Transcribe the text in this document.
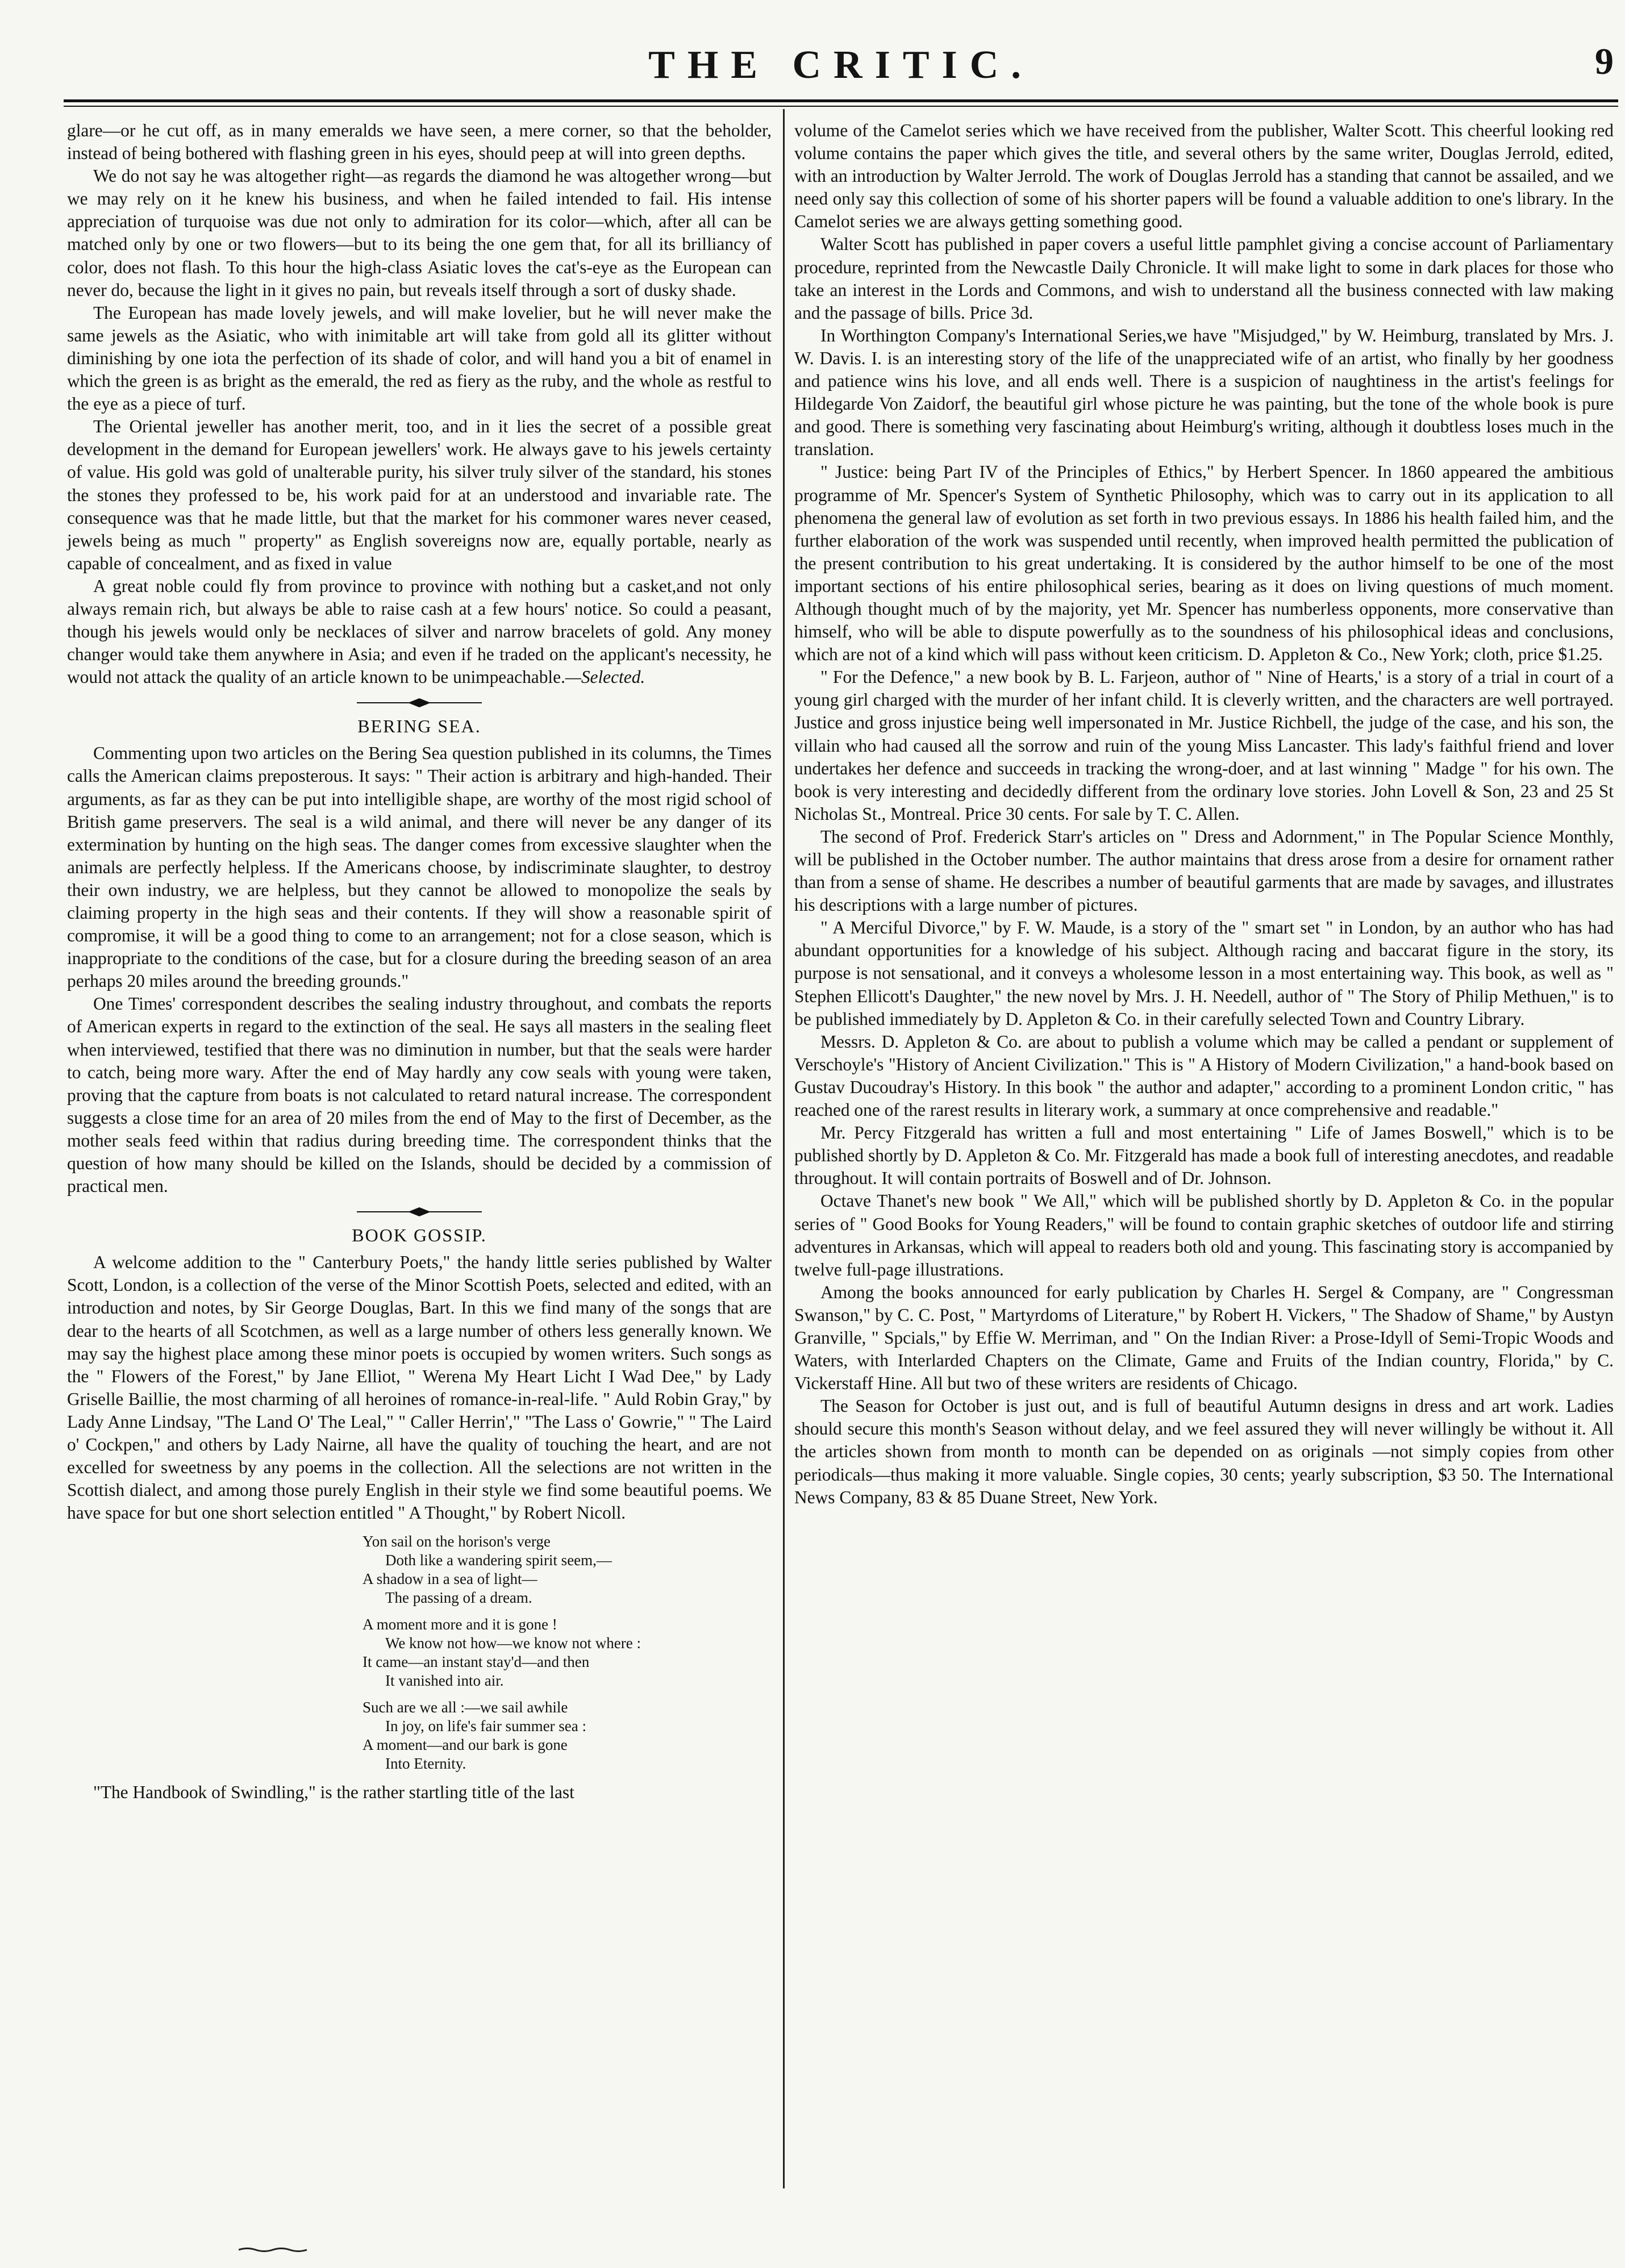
THE CRITIC.	9

glare—or he cut off, as in many emeralds we have seen, a mere corner, so that the beholder, instead of being bothered with flashing green in his eyes, should peep at will into green depths.

We do not say he was altogether right—as regards the diamond he was altogether wrong—but we may rely on it he knew his business, and when he failed intended to fail. His intense appreciation of turquoise was due not only to admiration for its color—which, after all can be matched only by one or two flowers—but to its being the one gem that, for all its brilliancy of color, does not flash. To this hour the high-class Asiatic loves the cat's-eye as the European can never do, because the light in it gives no pain, but reveals itself through a sort of dusky shade.

The European has made lovely jewels, and will make lovelier, but he will never make the same jewels as the Asiatic, who with inimitable art will take from gold all its glitter without diminishing by one iota the perfection of its shade of color, and will hand you a bit of enamel in which the green is as bright as the emerald, the red as fiery as the ruby, and the whole as restful to the eye as a piece of turf.

The Oriental jeweller has another merit, too, and in it lies the secret of a possible great development in the demand for European jewellers' work. He always gave to his jewels certainty of value. His gold was gold of unalterable purity, his silver truly silver of the standard, his stones the stones they professed to be, his work paid for at an understood and invariable rate. The consequence was that he made little, but that the market for his commoner wares never ceased, jewels being as much " property" as English sovereigns now are, equally portable, nearly as capable of concealment, and as fixed in value

A great noble could fly from province to province with nothing but a casket,and not only always remain rich, but always be able to raise cash at a few hours' notice. So could a peasant, though his jewels would only be necklaces of silver and narrow bracelets of gold. Any money changer would take them anywhere in Asia; and even if he traded on the applicant's necessity, he would not attack the quality of an article known to be unimpeachable.—Selected.

BERING SEA.

Commenting upon two articles on the Bering Sea question published in its columns, the Times calls the American claims preposterous. It says: " Their action is arbitrary and high-handed. Their arguments, as far as they can be put into intelligible shape, are worthy of the most rigid school of British game preservers. The seal is a wild animal, and there will never be any danger of its extermination by hunting on the high seas. The danger comes from excessive slaughter when the animals are perfectly helpless. If the Americans choose, by indiscriminate slaughter, to destroy their own industry, we are helpless, but they cannot be allowed to monopolize the seals by claiming property in the high seas and their contents. If they will show a reasonable spirit of compromise, it will be a good thing to come to an arrangement; not for a close season, which is inappropriate to the conditions of the case, but for a closure during the breeding season of an area perhaps 20 miles around the breeding grounds."

One Times' correspondent describes the sealing industry throughout, and combats the reports of American experts in regard to the extinction of the seal. He says all masters in the sealing fleet when interviewed, testified that there was no diminution in number, but that the seals were harder to catch, being more wary. After the end of May hardly any cow seals with young were taken, proving that the capture from boats is not calculated to retard natural increase. The correspondent suggests a close time for an area of 20 miles from the end of May to the first of December, as the mother seals feed within that radius during breeding time. The correspondent thinks that the question of how many should be killed on the Islands, should be decided by a commission of practical men.

BOOK GOSSIP.

A welcome addition to the " Canterbury Poets," the handy little series published by Walter Scott, London, is a collection of the verse of the Minor Scottish Poets, selected and edited, with an introduction and notes, by Sir George Douglas, Bart. In this we find many of the songs that are dear to the hearts of all Scotchmen, as well as a large number of others less generally known. We may say the highest place among these minor poets is occupied by women writers. Such songs as the " Flowers of the Forest," by Jane Elliot, " Werena My Heart Licht I Wad Dee," by Lady Griselle Baillie, the most charming of all heroines of romance-in-real-life. " Auld Robin Gray," by Lady Anne Lindsay, "The Land O' The Leal," " Caller Herrin'," "The Lass o' Gowrie," " The Laird o' Cockpen," and others by Lady Nairne, all have the quality of touching the heart, and are not excelled for sweetness by any poems in the collection. All the selections are not written in the Scottish dialect, and among those purely English in their style we find some beautiful poems. We have space for but one short selection entitled " A Thought," by Robert Nicoll.

Yon sail on the horison's verge
Doth like a wandering spirit seem,—
A shadow in a sea of light—
The passing of a dream.
A moment more and it is gone !
We know not how—we know not where :
It came—an instant stay'd—and then
It vanished into air.
Such are we all :—we sail awhile
In joy, on life's fair summer sea :
A moment—and our bark is gone
Into Eternity.

"The Handbook of Swindling," is the rather startling title of the last

volume of the Camelot series which we have received from the publisher, Walter Scott. This cheerful looking red volume contains the paper which gives the title, and several others by the same writer, Douglas Jerrold, edited, with an introduction by Walter Jerrold. The work of Douglas Jerrold has a standing that cannot be assailed, and we need only say this collection of some of his shorter papers will be found a valuable addition to one's library. In the Camelot series we are always getting something good.

Walter Scott has published in paper covers a useful little pamphlet giving a concise account of Parliamentary procedure, reprinted from the Newcastle Daily Chronicle. It will make light to some in dark places for those who take an interest in the Lords and Commons, and wish to understand all the business connected with law making and the passage of bills. Price 3d.

In Worthington Company's International Series,we have "Misjudged," by W. Heimburg, translated by Mrs. J. W. Davis. I. is an interesting story of the life of the unappreciated wife of an artist, who finally by her goodness and patience wins his love, and all ends well. There is a suspicion of naughtiness in the artist's feelings for Hildegarde Von Zaidorf, the beautiful girl whose picture he was painting, but the tone of the whole book is pure and good. There is something very fascinating about Heimburg's writing, although it doubtless loses much in the translation.

" Justice: being Part IV of the Principles of Ethics," by Herbert Spencer. In 1860 appeared the ambitious programme of Mr. Spencer's System of Synthetic Philosophy, which was to carry out in its application to all phenomena the general law of evolution as set forth in two previous essays. In 1886 his health failed him, and the further elaboration of the work was suspended until recently, when improved health permitted the publication of the present contribution to his great undertaking. It is considered by the author himself to be one of the most important sections of his entire philosophical series, bearing as it does on living questions of much moment. Although thought much of by the majority, yet Mr. Spencer has numberless opponents, more conservative than himself, who will be able to dispute powerfully as to the soundness of his philosophical ideas and conclusions, which are not of a kind which will pass without keen criticism. D. Appleton & Co., New York; cloth, price $1.25.

" For the Defence," a new book by B. L. Farjeon, author of " Nine of Hearts,' is a story of a trial in court of a young girl charged with the murder of her infant child. It is cleverly written, and the characters are well portrayed. Justice and gross injustice being well impersonated in Mr. Justice Richbell, the judge of the case, and his son, the villain who had caused all the sorrow and ruin of the young Miss Lancaster. This lady's faithful friend and lover undertakes her defence and succeeds in tracking the wrong-doer, and at last winning " Madge " for his own. The book is very interesting and decidedly different from the ordinary love stories. John Lovell & Son, 23 and 25 St Nicholas St., Montreal. Price 30 cents. For sale by T. C. Allen.

The second of Prof. Frederick Starr's articles on " Dress and Adornment," in The Popular Science Monthly, will be published in the October number. The author maintains that dress arose from a desire for ornament rather than from a sense of shame. He describes a number of beautiful garments that are made by savages, and illustrates his descriptions with a large number of pictures.

" A Merciful Divorce," by F. W. Maude, is a story of the " smart set " in London, by an author who has had abundant opportunities for a knowledge of his subject. Although racing and baccarat figure in the story, its purpose is not sensational, and it conveys a wholesome lesson in a most entertaining way. This book, as well as " Stephen Ellicott's Daughter," the new novel by Mrs. J. H. Needell, author of " The Story of Philip Methuen," is to be published immediately by D. Appleton & Co. in their carefully selected Town and Country Library.

Messrs. D. Appleton & Co. are about to publish a volume which may be called a pendant or supplement of Verschoyle's "History of Ancient Civilization." This is " A History of Modern Civilization," a hand-book based on Gustav Ducoudray's History. In this book " the author and adapter," according to a prominent London critic, " has reached one of the rarest results in literary work, a summary at once comprehensive and readable."

Mr. Percy Fitzgerald has written a full and most entertaining " Life of James Boswell," which is to be published shortly by D. Appleton & Co. Mr. Fitzgerald has made a book full of interesting anecdotes, and readable throughout. It will contain portraits of Boswell and of Dr. Johnson.

Octave Thanet's new book " We All," which will be published shortly by D. Appleton & Co. in the popular series of " Good Books for Young Readers," will be found to contain graphic sketches of outdoor life and stirring adventures in Arkansas, which will appeal to readers both old and young. This fascinating story is accompanied by twelve full-page illustrations.

Among the books announced for early publication by Charles H. Sergel & Company, are " Congressman Swanson," by C. C. Post, " Martyrdoms of Literature," by Robert H. Vickers, " The Shadow of Shame," by Austyn Granville, " Spcials," by Effie W. Merriman, and " On the Indian River: a Prose-Idyll of Semi-Tropic Woods and Waters, with Interlarded Chapters on the Climate, Game and Fruits of the Indian country, Florida," by C. Vickerstaff Hine. All but two of these writers are residents of Chicago.

The Season for October is just out, and is full of beautiful Autumn designs in dress and art work. Ladies should secure this month's Season without delay, and we feel assured they will never willingly be without it. All the articles shown from month to month can be depended on as originals —not simply copies from other periodicals—thus making it more valuable. Single copies, 30 cents; yearly subscription, $3 50. The International News Company, 83 & 85 Duane Street, New York.
